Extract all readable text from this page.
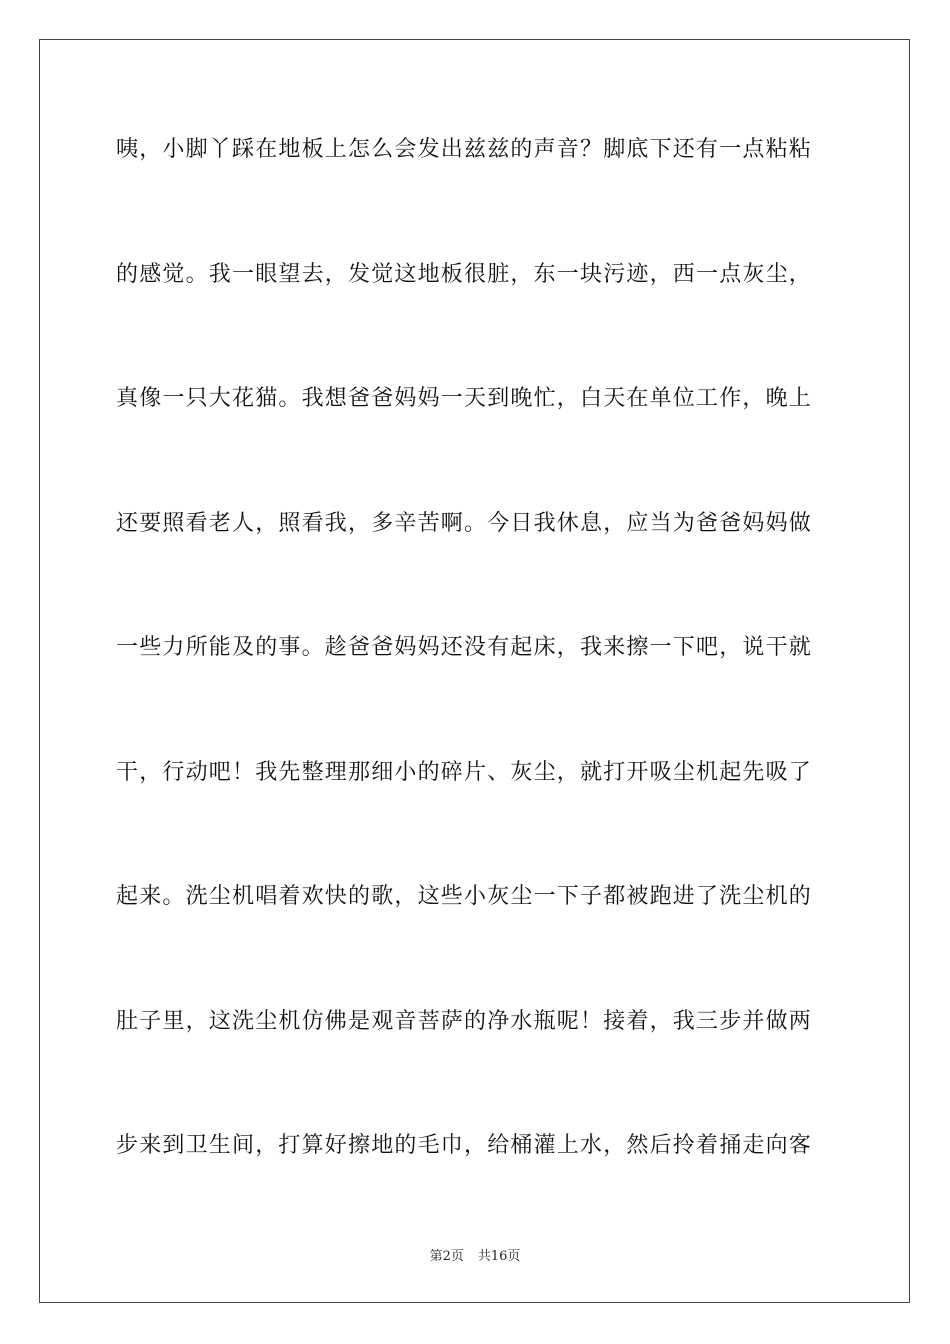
咦，小脚丫踩在地板上怎么会发出兹兹的声音？脚底下还有一点粘粘
的感觉。我一眼望去，发觉这地板很脏，东一块污迹，西一点灰尘，
真像一只大花猫。我想爸爸妈妈一天到晚忙，白天在单位工作，晚上
还要照看老人，照看我，多辛苦啊。今日我休息，应当为爸爸妈妈做
一些力所能及的事。趁爸爸妈妈还没有起床，我来擦一下吧，说干就
干，行动吧！我先整理那细小的碎片、灰尘，就打开吸尘机起先吸了
起来。洗尘机唱着欢快的歌，这些小灰尘一下子都被跑进了洗尘机的
肚子里，这洗尘机仿佛是观音菩萨的净水瓶呢！接着，我三步并做两
步来到卫生间，打算好擦地的毛巾，给桶灌上水，然后拎着捅走向客
第2页 共16页
